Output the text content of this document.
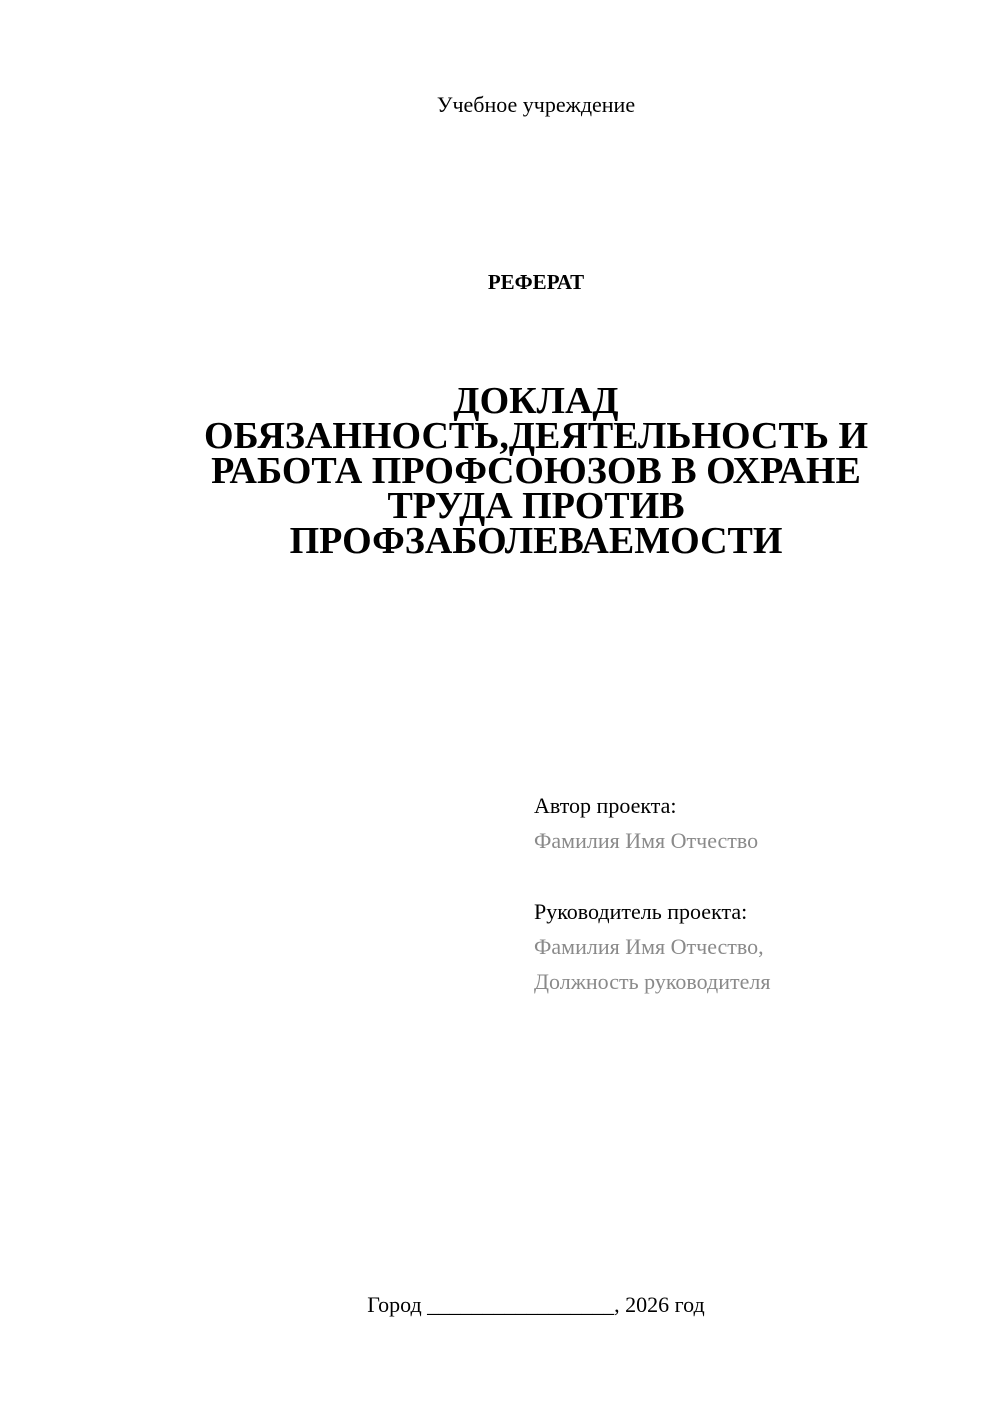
Учебное учреждение
РЕФЕРАТ
ДОКЛАД
ОБЯЗАННОСТЬ,ДЕЯТЕЛЬНОСТЬ И
РАБОТА ПРОФСОЮЗОВ В ОХРАНЕ
ТРУДА ПРОТИВ
ПРОФЗАБОЛЕВАЕМОСТИ
Автор проекта:
Фамилия Имя Отчество
Руководитель проекта:
Фамилия Имя Отчество,
Должность руководителя
Город _________________, 2026 год
